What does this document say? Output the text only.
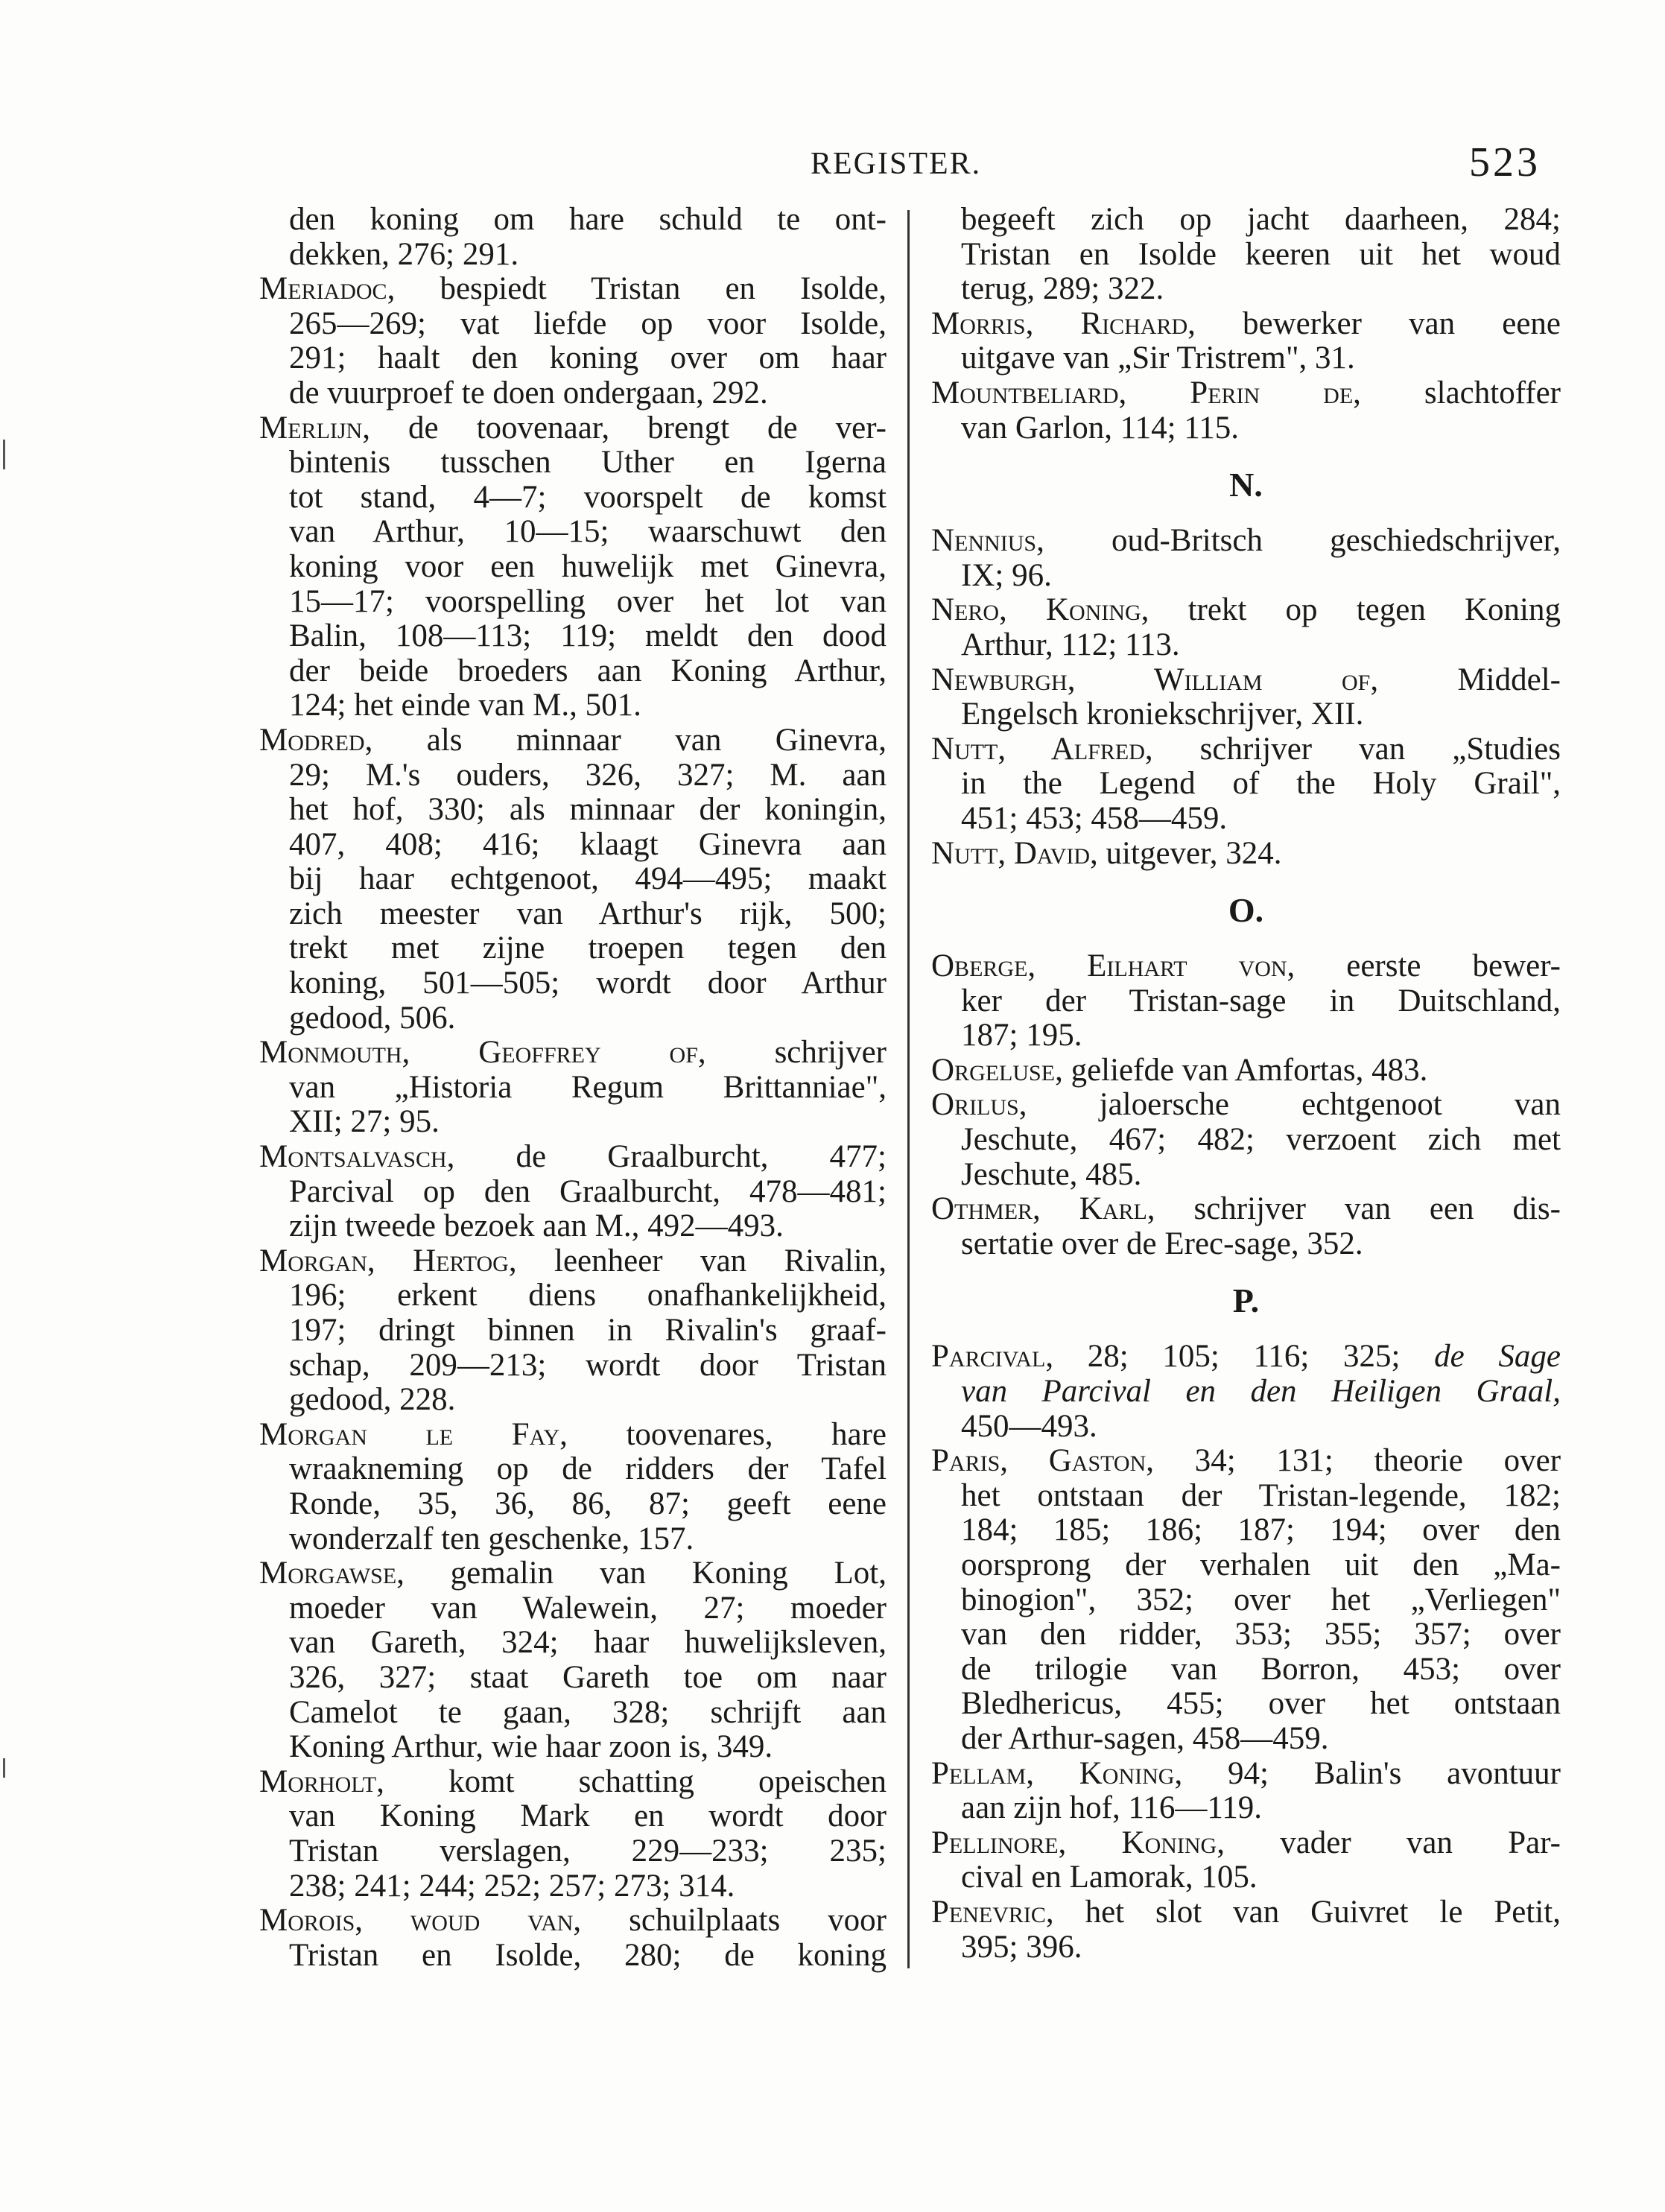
REGISTER.	523
den koning om hare schuld te ont-
dekken, 276; 291.
Meriadoc, bespiedt Tristan en Isolde,
265—269; vat liefde op voor Isolde,
291; haalt den koning over om haar
de vuurproef te doen ondergaan, 292.
Merlijn, de toovenaar, brengt de ver-
bintenis tusschen Uther en Igerna
tot stand, 4—7; voorspelt de komst
van Arthur, 10—15; waarschuwt den
koning voor een huwelijk met Ginevra,
15—17; voorspelling over het lot van
Balin, 108—113; 119; meldt den dood
der beide broeders aan Koning Arthur,
124; het einde van M., 501.
Modred, als minnaar van Ginevra,
29; M.'s ouders, 326, 327; M. aan
het hof, 330; als minnaar der koningin,
407, 408; 416; klaagt Ginevra aan
bij haar echtgenoot, 494—495; maakt
zich meester van Arthur's rijk, 500;
trekt met zijne troepen tegen den
koning, 501—505; wordt door Arthur
gedood, 506.
Monmouth, Geoffrey of, schrijver
van „Historia Regum Brittanniae",
XII; 27; 95.
Montsalvasch, de Graalburcht, 477;
Parcival op den Graalburcht, 478—481;
zijn tweede bezoek aan M., 492—493.
Morgan, Hertog, leenheer van Rivalin,
196; erkent diens onafhankelijkheid,
197; dringt binnen in Rivalin's graaf-
schap, 209—213; wordt door Tristan
gedood, 228.
Morgan le Fay, toovenares, hare
wraakneming op de ridders der Tafel
Ronde, 35, 36, 86, 87; geeft eene
wonderzalf ten geschenke, 157.
Morgawse, gemalin van Koning Lot,
moeder van Walewein, 27; moeder
van Gareth, 324; haar huwelijksleven,
326, 327; staat Gareth toe om naar
Camelot te gaan, 328; schrijft aan
Koning Arthur, wie haar zoon is, 349.
Morholt, komt schatting opeischen
van Koning Mark en wordt door
Tristan verslagen, 229—233; 235;
238; 241; 244; 252; 257; 273; 314.
Morois, woud van, schuilplaats voor
Tristan en Isolde, 280; de koning
begeeft zich op jacht daarheen, 284;
Tristan en Isolde keeren uit het woud
terug, 289; 322.
Morris, Richard, bewerker van eene
uitgave van „Sir Tristrem", 31.
Mountbeliard, Perin de, slachtoffer
van Garlon, 114; 115.
N.
Nennius, oud-Britsch geschiedschrijver,
IX; 96.
Nero, Koning, trekt op tegen Koning
Arthur, 112; 113.
Newburgh, William of, Middel-
Engelsch kroniekschrijver, XII.
Nutt, Alfred, schrijver van „Studies
in the Legend of the Holy Grail",
451; 453; 458—459.
Nutt, David, uitgever, 324.
O.
Oberge, Eilhart von, eerste bewer-
ker der Tristan-sage in Duitschland,
187; 195.
Orgeluse, geliefde van Amfortas, 483.
Orilus, jaloersche echtgenoot van
Jeschute, 467; 482; verzoent zich met
Jeschute, 485.
Othmer, Karl, schrijver van een dis-
sertatie over de Erec-sage, 352.
P.
Parcival, 28; 105; 116; 325; de Sage
van Parcival en den Heiligen Graal,
450—493.
Paris, Gaston, 34; 131; theorie over
het ontstaan der Tristan-legende, 182;
184; 185; 186; 187; 194; over den
oorsprong der verhalen uit den „Ma-
binogion", 352; over het „Verliegen"
van den ridder, 353; 355; 357; over
de trilogie van Borron, 453; over
Bledhericus, 455; over het ontstaan
der Arthur-sagen, 458—459.
Pellam, Koning, 94; Balin's avontuur
aan zijn hof, 116—119.
Pellinore, Koning, vader van Par-
cival en Lamorak, 105.
Penevric, het slot van Guivret le Petit,
395; 396.
